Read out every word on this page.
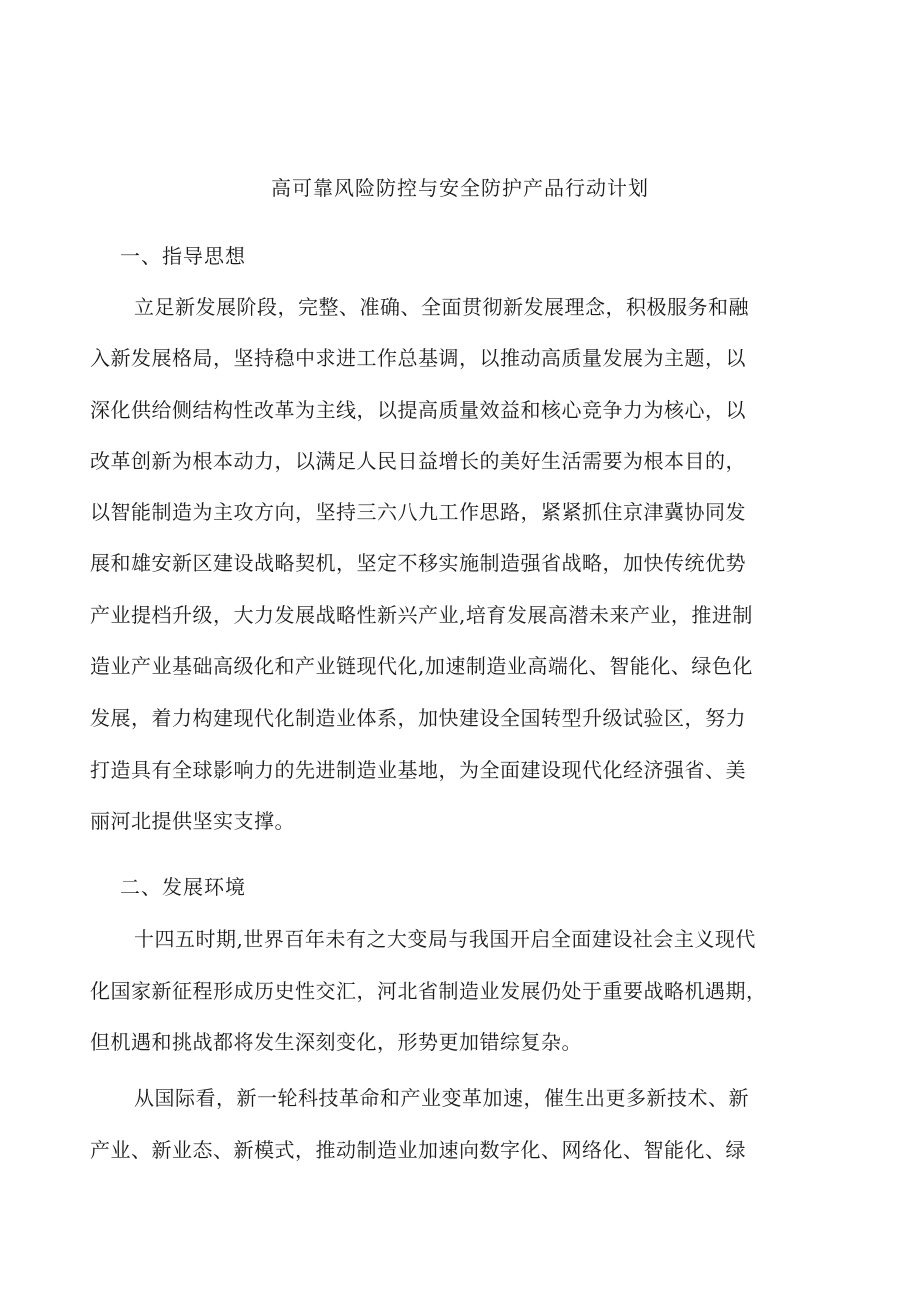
高可靠风险防控与安全防护产品行动计划
一、指导思想
立足新发展阶段，完整、准确、全面贯彻新发展理念，积极服务和融
入新发展格局，坚持稳中求进工作总基调，以推动高质量发展为主题，以
深化供给侧结构性改革为主线，以提高质量效益和核心竞争力为核心，以
改革创新为根本动力，以满足人民日益增长的美好生活需要为根本目的，
以智能制造为主攻方向，坚持三六八九工作思路，紧紧抓住京津冀协同发
展和雄安新区建设战略契机，坚定不移实施制造强省战略，加快传统优势
产业提档升级，大力发展战略性新兴产业,培育发展高潜未来产业，推进制
造业产业基础高级化和产业链现代化,加速制造业高端化、智能化、绿色化
发展，着力构建现代化制造业体系，加快建设全国转型升级试验区，努力
打造具有全球影响力的先进制造业基地，为全面建设现代化经济强省、美
丽河北提供坚实支撑。
二、发展环境
十四五时期,世界百年未有之大变局与我国开启全面建设社会主义现代
化国家新征程形成历史性交汇，河北省制造业发展仍处于重要战略机遇期，
但机遇和挑战都将发生深刻变化，形势更加错综复杂。
从国际看，新一轮科技革命和产业变革加速，催生出更多新技术、新
产业、新业态、新模式，推动制造业加速向数字化、网络化、智能化、绿
